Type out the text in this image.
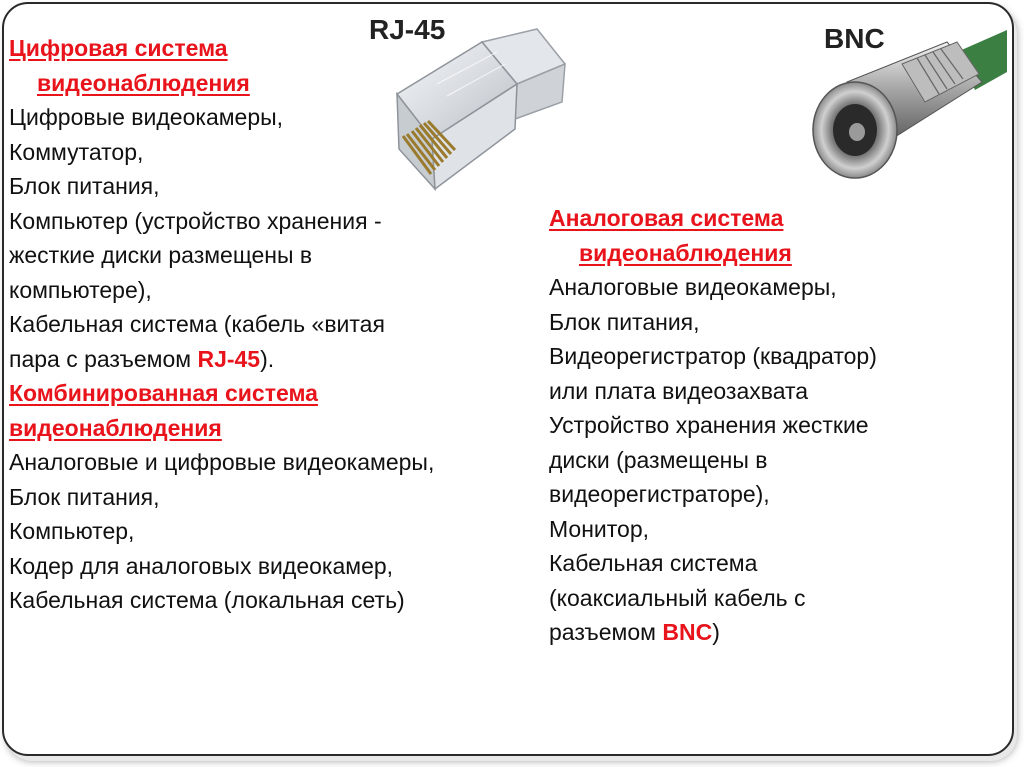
RJ-45	BNC
Цифровая система
видеонаблюдения
Цифровые видеокамеры,
Коммутатор,
Блок питания,
Компьютер (устройство хранения -
жесткие диски размещены в
компьютере),
Кабельная система (кабель «витая
пара с разъемом RJ-45).
Комбинированная система
видеонаблюдения
Аналоговые и цифровые видеокамеры,
Блок питания,
Компьютер,
Кодер для аналоговых видеокамер,
Кабельная система (локальная сеть)
Аналоговая система
видеонаблюдения
Аналоговые видеокамеры,
Блок питания,
Видеорегистратор (квадратор)
или плата видеозахвата
Устройство хранения жесткие
диски (размещены в
видеорегистраторе),
Монитор,
Кабельная система
(коаксиальный кабель с
разъемом BNC)
